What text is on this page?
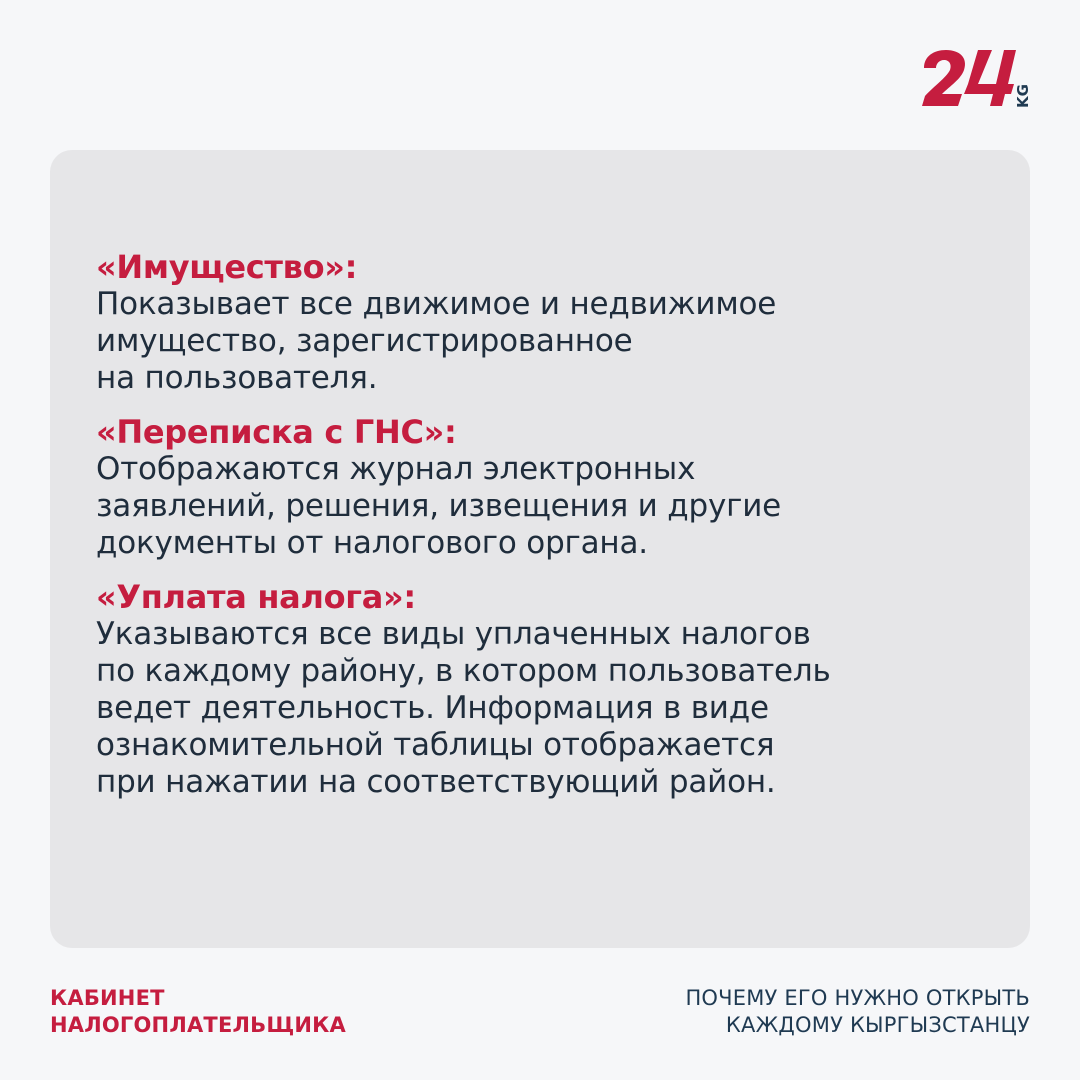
KG

«Имущество»:

Показывает все движимое и недвижимое

имущество, зарегистрированное

на пользователя.

«Переписка с ГНС»:

Отображаются журнал электронных

заявлений, решения, извещения и другие

документы от налогового органа.

«Уплата налога»:

Указываются все виды уплаченных налогов

по каждому району, в котором пользователь

ведет деятельность. Информация в виде

ознакомительной таблицы отображается

при нажатии на соответствующий район.

КАБИНЕТ
НАЛОГОПЛАТЕЛЬЩИКА
ПОЧЕМУ ЕГО НУЖНО ОТКРЫТЬ
КАЖДОМУ КЫРГЫЗСТАНЦУ
